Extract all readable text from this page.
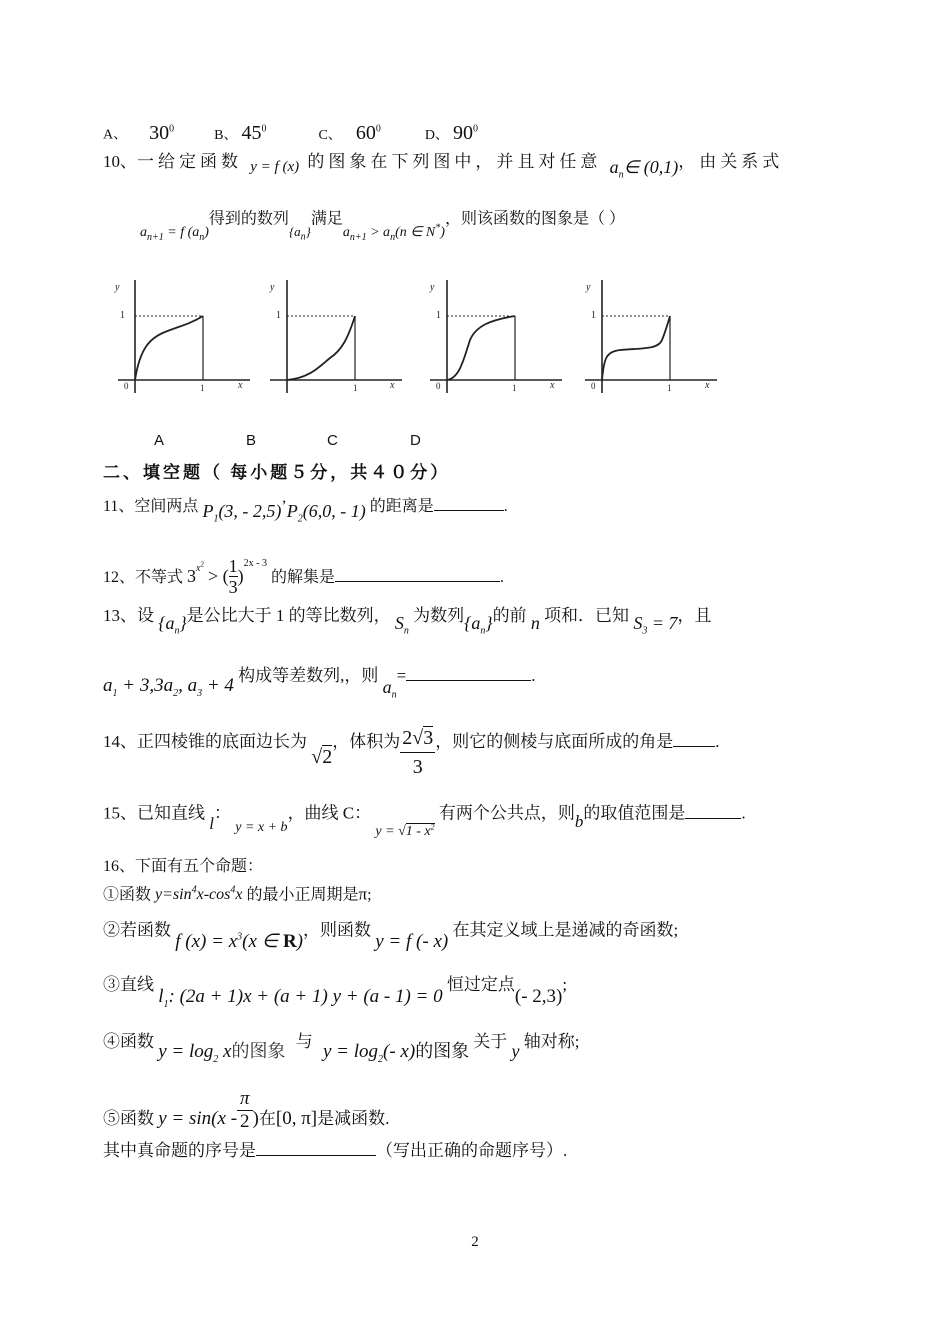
A、 $30^0$	B、 $45^0$	C、 $60^0$	D、 $90^0$
10、一给定函数 y = f (x) 的图象在下列图中，并且对任意 $a_n\in$ (0,1)，由关系式
$a_{n+1} = f$ $(a_n)$得到的数列$_{\{a_n\}}$满足$a_{n+1} > a_n(n$ ∈ N*)，则该函数的图象是（ ）
y
1
0	1	x
y
1
1	x
y
1
0	1	x
y
1
0	1	x
A	B	C	D
二、填空题（ 每小题５分，共４０分）
11、空间两点 $P_1(3$, - $2,5)’P_2(6,0$, - 1) 的距离是	.
12、不等式 $3^{x^2}$ > ( $\frac{1}{3} )^{2x - 3}$ 的解集是	.
13、设 $\{a_n\}$是公比大于 1 的等比数列， $S_n$ 为数列$\{a_n\}$的前 n 项和．已知 $S_3 = 7$，且
$a_1 + 3,3a_2$, $a_3 + 4$ 构成等差数列,，则 $a_n=$	.
14、正四棱锥的底面边长为 √2，体积为 $\frac{2√3}{3}$ ，则它的侧棱与底面所成的角是 .
15、已知直线 l： $_{y = x + b}$，曲线 C： $_{y = √1 - x^2}$ 有两个公共点，则b的取值范围是	.
16、下面有五个命题：
①函数 $y=\sin^4x-\cos^4x$ 的最小正周期是π;
②若函数 f $(x) = x^3(x$ ∈ R)，则函数 y = f (- x) 在其定义域上是递减的奇函数;
③直线 $l_1$: (2a + 1)x + (a + 1) y + (a - 1) = 0 恒过定点(- 2,3);
④函数 $y = \log_2 x$的图象 与 $y = \log_2(-$ x)的图象 关于 y 轴对称;
⑤函数 $y = \sin(x - \frac{\pi}{2}$ )在[0, π]是减函数.
其中真命题的序号是	（写出正确的命题序号）.
2
